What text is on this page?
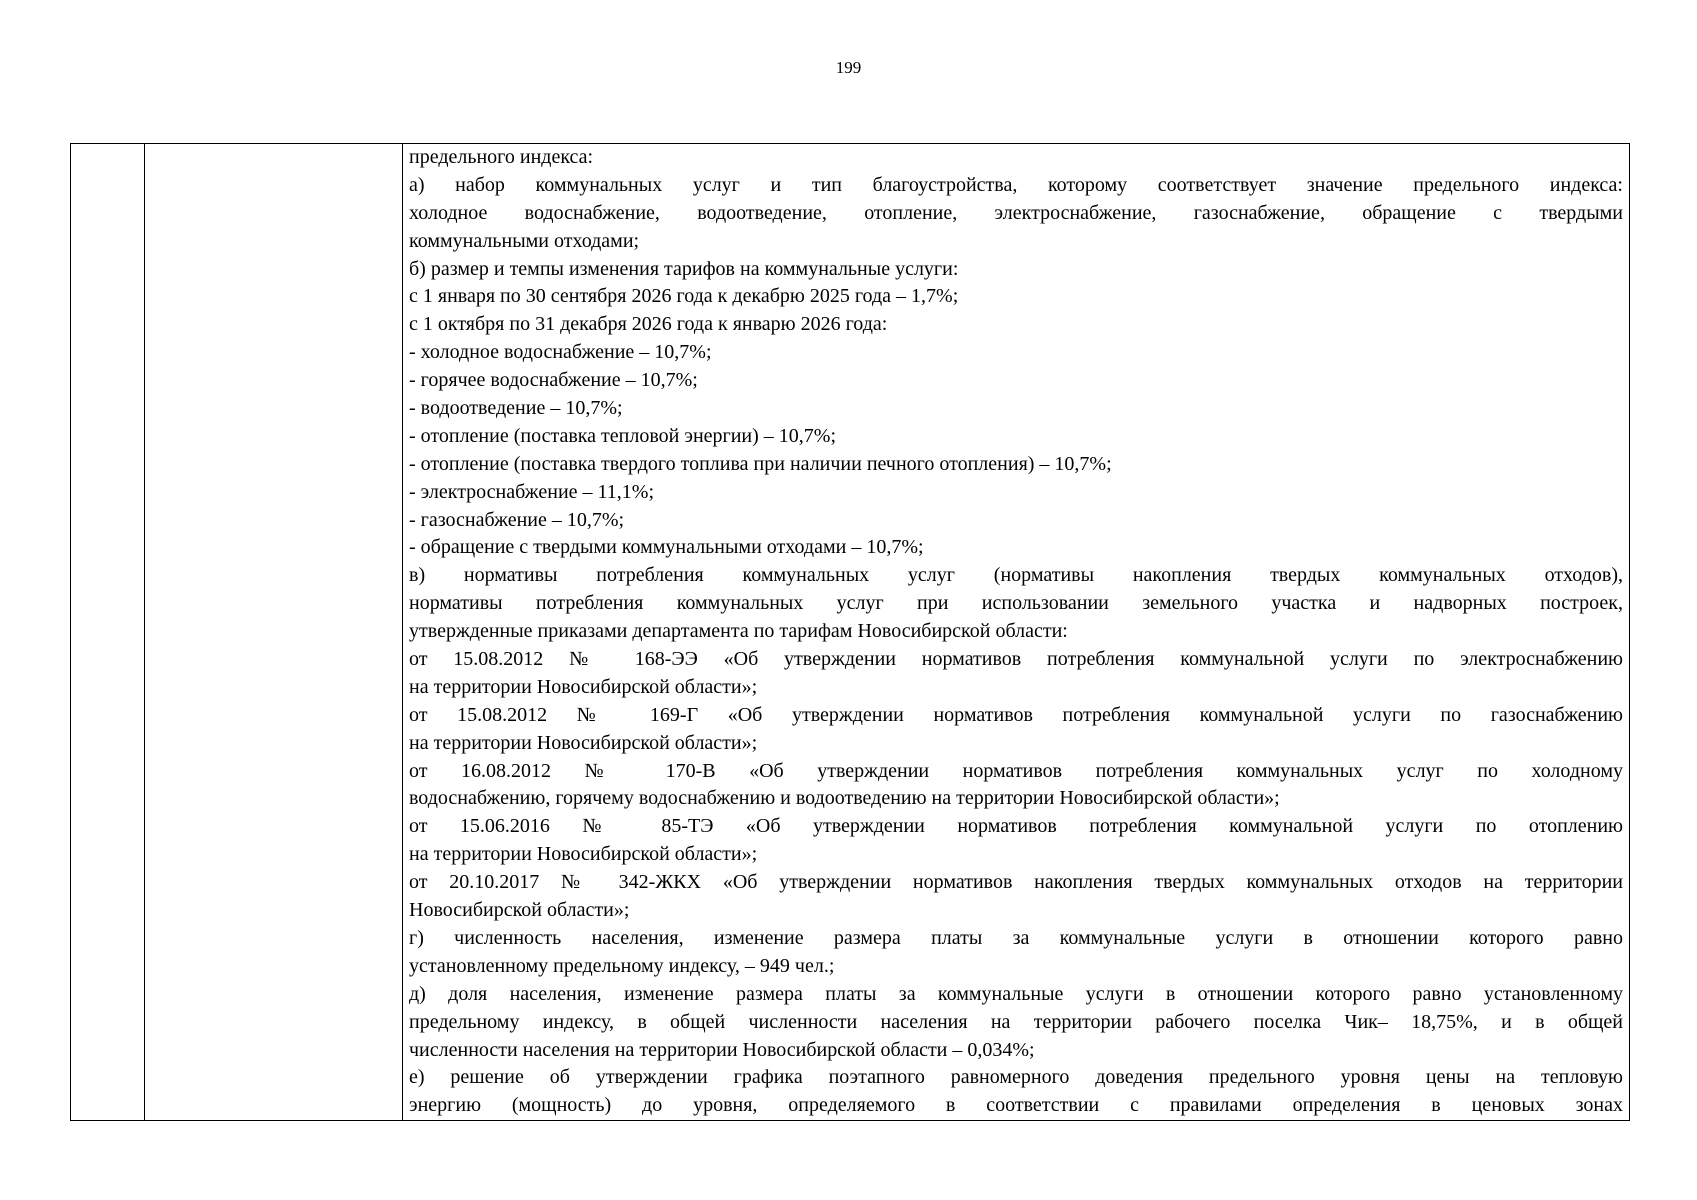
199
предельного индекса:
а) набор коммунальных услуг и тип благоустройства, которому соответствует значение предельного индекса:
холодное водоснабжение, водоотведение, отопление, электроснабжение, газоснабжение, обращение с твердыми
коммунальными отходами;
б) размер и темпы изменения тарифов на коммунальные услуги:
с 1 января по 30 сентября 2026 года к декабрю 2025 года – 1,7%;
с 1 октября по 31 декабря 2026 года к январю 2026 года:
- холодное водоснабжение – 10,7%;
- горячее водоснабжение – 10,7%;
- водоотведение – 10,7%;
- отопление (поставка тепловой энергии) – 10,7%;
- отопление (поставка твердого топлива при наличии печного отопления) – 10,7%;
- электроснабжение – 11,1%;
- газоснабжение – 10,7%;
- обращение с твердыми коммунальными отходами – 10,7%;
в) нормативы потребления коммунальных услуг (нормативы накопления твердых коммунальных отходов),
нормативы потребления коммунальных услуг при использовании земельного участка и надворных построек,
утвержденные приказами департамента по тарифам Новосибирской области:
от 15.08.2012 № 168-ЭЭ «Об утверждении нормативов потребления коммунальной услуги по электроснабжению
на территории Новосибирской области»;
от 15.08.2012 № 169-Г «Об утверждении нормативов потребления коммунальной услуги по газоснабжению
на территории Новосибирской области»;
от 16.08.2012 № 170-В «Об утверждении нормативов потребления коммунальных услуг по холодному
водоснабжению, горячему водоснабжению и водоотведению на территории Новосибирской области»;
от 15.06.2016 № 85-ТЭ «Об утверждении нормативов потребления коммунальной услуги по отоплению
на территории Новосибирской области»;
от 20.10.2017 № 342-ЖКХ «Об утверждении нормативов накопления твердых коммунальных отходов на территории
Новосибирской области»;
г) численность населения, изменение размера платы за коммунальные услуги в отношении которого равно
установленному предельному индексу, – 949 чел.;
д) доля населения, изменение размера платы за коммунальные услуги в отношении которого равно установленному
предельному индексу, в общей численности населения на территории рабочего поселка Чик– 18,75%, и в общей
численности населения на территории Новосибирской области – 0,034%;
е) решение об утверждении графика поэтапного равномерного доведения предельного уровня цены на тепловую
энергию (мощность) до уровня, определяемого в соответствии с правилами определения в ценовых зонах
